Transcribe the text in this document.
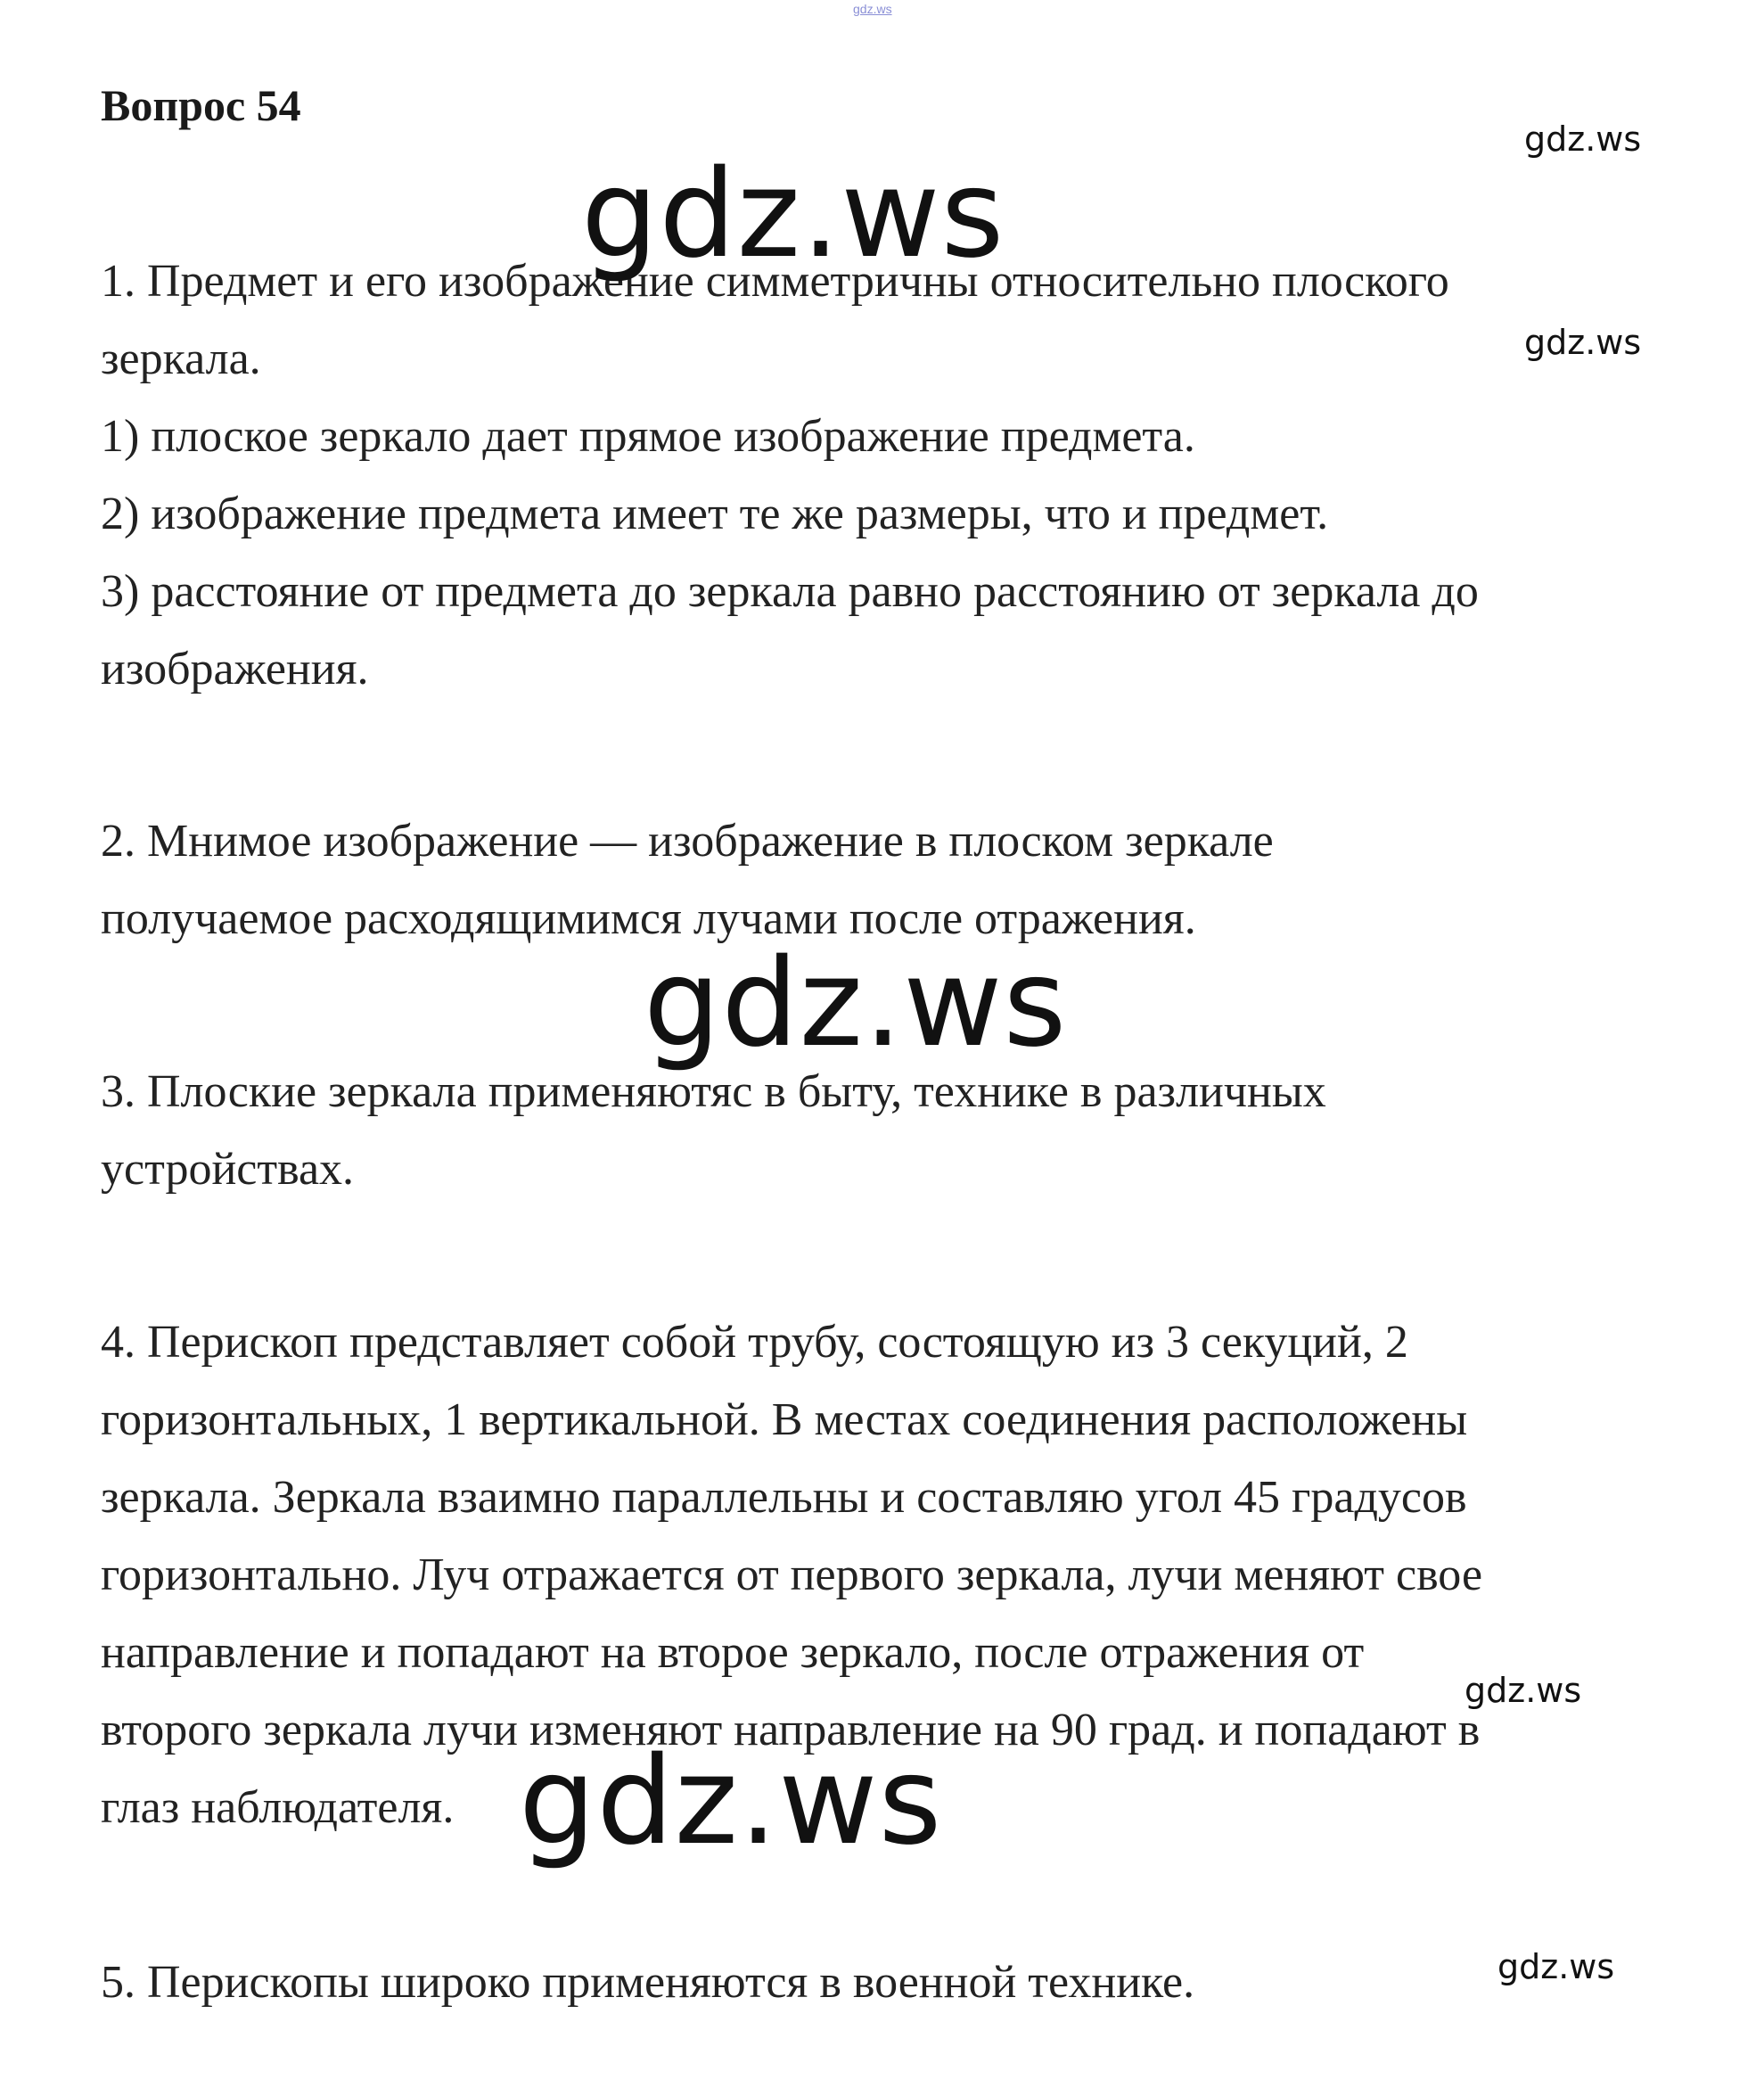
gdz.ws
Вопрос 54
1. Предмет и его изображение симметричны относительно плоского
зеркала.
1) плоское зеркало дает прямое изображение предмета.
2) изображение предмета имеет те же размеры, что и предмет.
3) расстояние от предмета до зеркала равно расстоянию от зеркала до
изображения.
2. Мнимое изображение — изображение в плоском зеркале
получаемое расходящимимся лучами после отражения.
3. Плоские зеркала применяютяс в быту, технике в различных
устройствах.
4. Перископ представляет собой трубу, состоящую из 3 секуций, 2
горизонтальных, 1 вертикальной. В местах соединения расположены
зеркала. Зеркала взаимно параллельны и составляю угол 45 градусов
горизонтально. Луч отражается от первого зеркала, лучи меняют свое
направление и попадают на второе зеркало, после отражения от
второго зеркала лучи изменяют направление на 90 град. и попадают в
глаз наблюдателя.
5. Перископы широко применяются в военной технике.
gdz.ws
gdz.ws
gdz.ws
gdz.ws
gdz.ws
gdz.ws
gdz.ws
